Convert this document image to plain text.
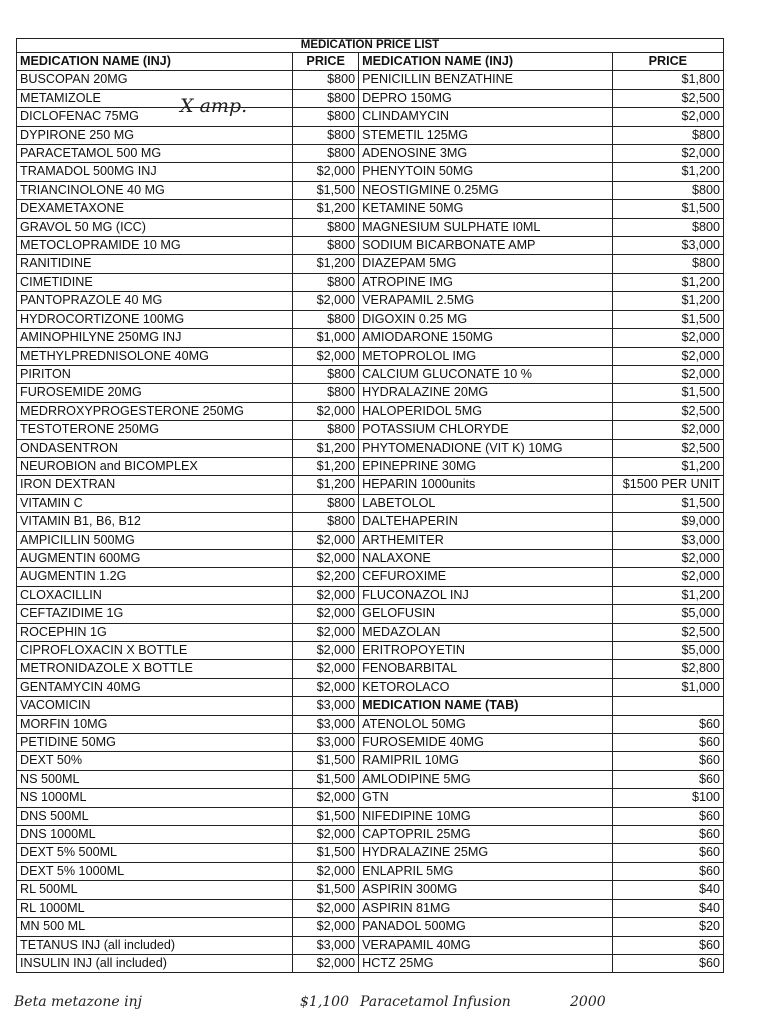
MEDICATION PRICE LIST			
MEDICATION NAME (INJ)	PRICE	MEDICATION NAME (INJ)	PRICE
BUSCOPAN 20MG	$800	PENICILLIN BENZATHINE	$1,800
METAMIZOLE	$800	DEPRO 150MG	$2,500
DICLOFENAC 75MG	$800	CLINDAMYCIN	$2,000
DYPIRONE 250 MG	$800	STEMETIL 125MG	$800
PARACETAMOL 500 MG	$800	ADENOSINE 3MG	$2,000
TRAMADOL 500MG INJ	$2,000	PHENYTOIN 50MG	$1,200
TRIANCINOLONE 40 MG	$1,500	NEOSTIGMINE 0.25MG	$800
DEXAMETAXONE	$1,200	KETAMINE 50MG	$1,500
GRAVOL 50 MG (ICC)	$800	MAGNESIUM SULPHATE I0ML	$800
METOCLOPRAMIDE 10 MG	$800	SODIUM BICARBONATE AMP	$3,000
RANITIDINE	$1,200	DIAZEPAM 5MG	$800
CIMETIDINE	$800	ATROPINE IMG	$1,200
PANTOPRAZOLE 40 MG	$2,000	VERAPAMIL 2.5MG	$1,200
HYDROCORTIZONE 100MG	$800	DIGOXIN 0.25 MG	$1,500
AMINOPHILYNE 250MG INJ	$1,000	AMIODARONE 150MG	$2,000
METHYLPREDNISOLONE 40MG	$2,000	METOPROLOL IMG	$2,000
PIRITON	$800	CALCIUM GLUCONATE 10 %	$2,000
FUROSEMIDE 20MG	$800	HYDRALAZINE 20MG	$1,500
MEDRROXYPROGESTERONE 250MG	$2,000	HALOPERIDOL 5MG	$2,500
TESTOTERONE 250MG	$800	POTASSIUM CHLORYDE	$2,000
ONDASENTRON	$1,200	PHYTOMENADIONE (VIT K) 10MG	$2,500
NEUROBION and BICOMPLEX	$1,200	EPINEPRINE 30MG	$1,200
IRON DEXTRAN	$1,200	HEPARIN 1000units	$1500 PER UNIT
VITAMIN C	$800	LABETOLOL	$1,500
VITAMIN B1, B6, B12	$800	DALTEHAPERIN	$9,000
AMPICILLIN 500MG	$2,000	ARTHEMITER	$3,000
AUGMENTIN 600MG	$2,000	NALAXONE	$2,000
AUGMENTIN 1.2G	$2,200	CEFUROXIME	$2,000
CLOXACILLIN	$2,000	FLUCONAZOL INJ	$1,200
CEFTAZIDIME 1G	$2,000	GELOFUSIN	$5,000
ROCEPHIN 1G	$2,000	MEDAZOLAN	$2,500
CIPROFLOXACIN X BOTTLE	$2,000	ERITROPOYETIN	$5,000
METRONIDAZOLE X BOTTLE	$2,000	FENOBARBITAL	$2,800
GENTAMYCIN 40MG	$2,000	KETOROLACO	$1,000
VACOMICIN	$3,000	MEDICATION NAME (TAB)	
MORFIN 10MG	$3,000	ATENOLOL 50MG	$60
PETIDINE 50MG	$3,000	FUROSEMIDE 40MG	$60
DEXT 50%	$1,500	RAMIPRIL 10MG	$60
NS 500ML	$1,500	AMLODIPINE 5MG	$60
NS 1000ML	$2,000	GTN	$100
DNS 500ML	$1,500	NIFEDIPINE 10MG	$60
DNS 1000ML	$2,000	CAPTOPRIL 25MG	$60
DEXT 5% 500ML	$1,500	HYDRALAZINE 25MG	$60
DEXT 5% 1000ML	$2,000	ENLAPRIL 5MG	$60
RL 500ML	$1,500	ASPIRIN 300MG	$40
RL 1000ML	$2,000	ASPIRIN 81MG	$40
MN 500 ML	$2,000	PANADOL 500MG	$20
TETANUS INJ (all included)	$3,000	VERAPAMIL 40MG	$60
INSULIN INJ (all included)	$2,000	HCTZ 25MG	$60
X amp.
Beta metazone inj	$1,100 Paracetamol Infusion	2000
